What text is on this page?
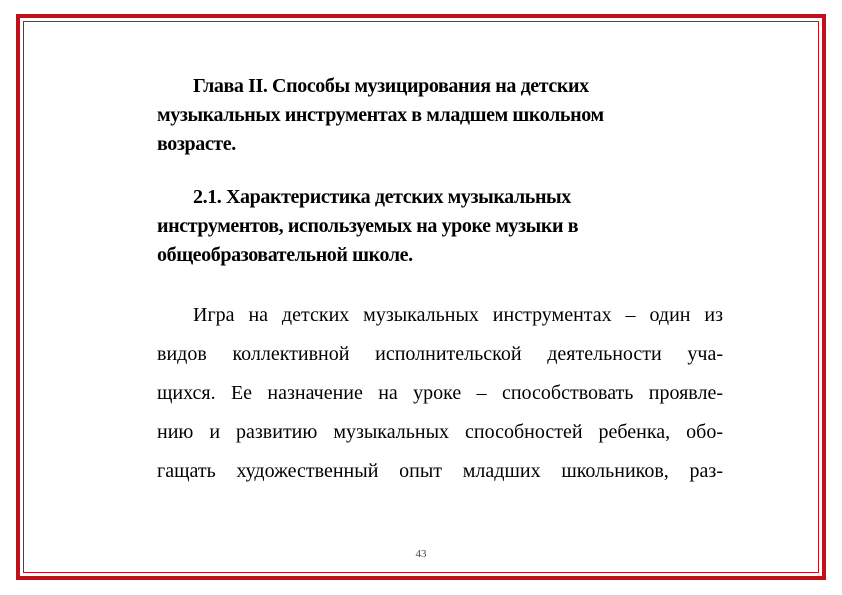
Глава II. Способы музицирования на детских
музыкальных инструментах в младшем школьном
возрасте.
2.1. Характеристика детских музыкальных
инструментов, используемых на уроке музыки в
общеобразовательной школе.

Игра на детских музыкальных инструментах – один из
видов коллективной исполнительской деятельности уча-
щихся. Ее назначение на уроке – способствовать проявле-
нию и развитию музыкальных способностей ребенка, обо-
гащать художественный опыт младших школьников, раз-

43
